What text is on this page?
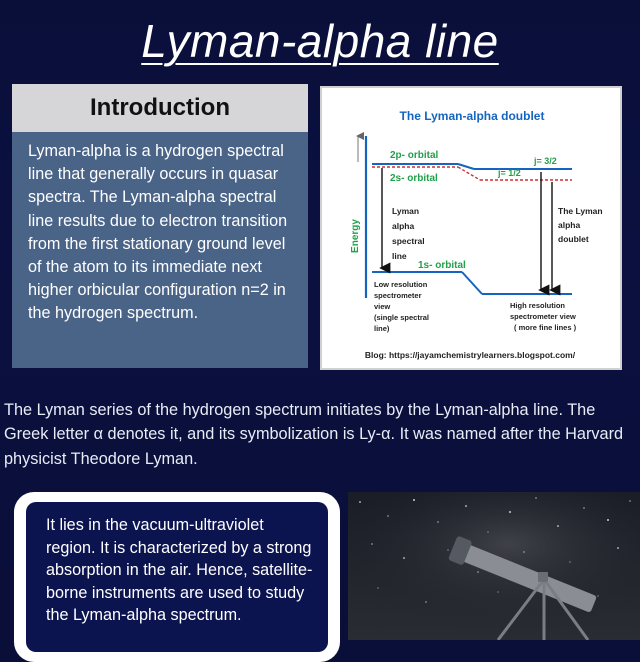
Lyman-alpha line
Introduction
Lyman-alpha is a hydrogen spectral line that generally occurs in quasar spectra. The Lyman-alpha spectral line results due to electron transition from the first stationary ground level of the atom to its immediate next higher orbicular configuration n=2 in the hydrogen spectrum.
The Lyman-alpha doublet
Energy
2p- orbital
2s- orbital
j= 3/2
j= 1/2
1s- orbital
Lyman alpha spectral line
The Lyman alpha doublet
Low resolution spectrometer view (single spectral line)
High resolution spectrometer view ( more fine lines )
Blog: https://jayamchemistrylearners.blogspot.com/
The Lyman series of the hydrogen spectrum initiates by the Lyman-alpha line. The Greek letter α denotes it, and its symbolization is Ly-α. It was named after the Harvard physicist Theodore Lyman.
It lies in the vacuum-ultraviolet region. It is characterized by a strong absorption in the air. Hence, satellite-borne instruments are used to study the Lyman-alpha spectrum.
